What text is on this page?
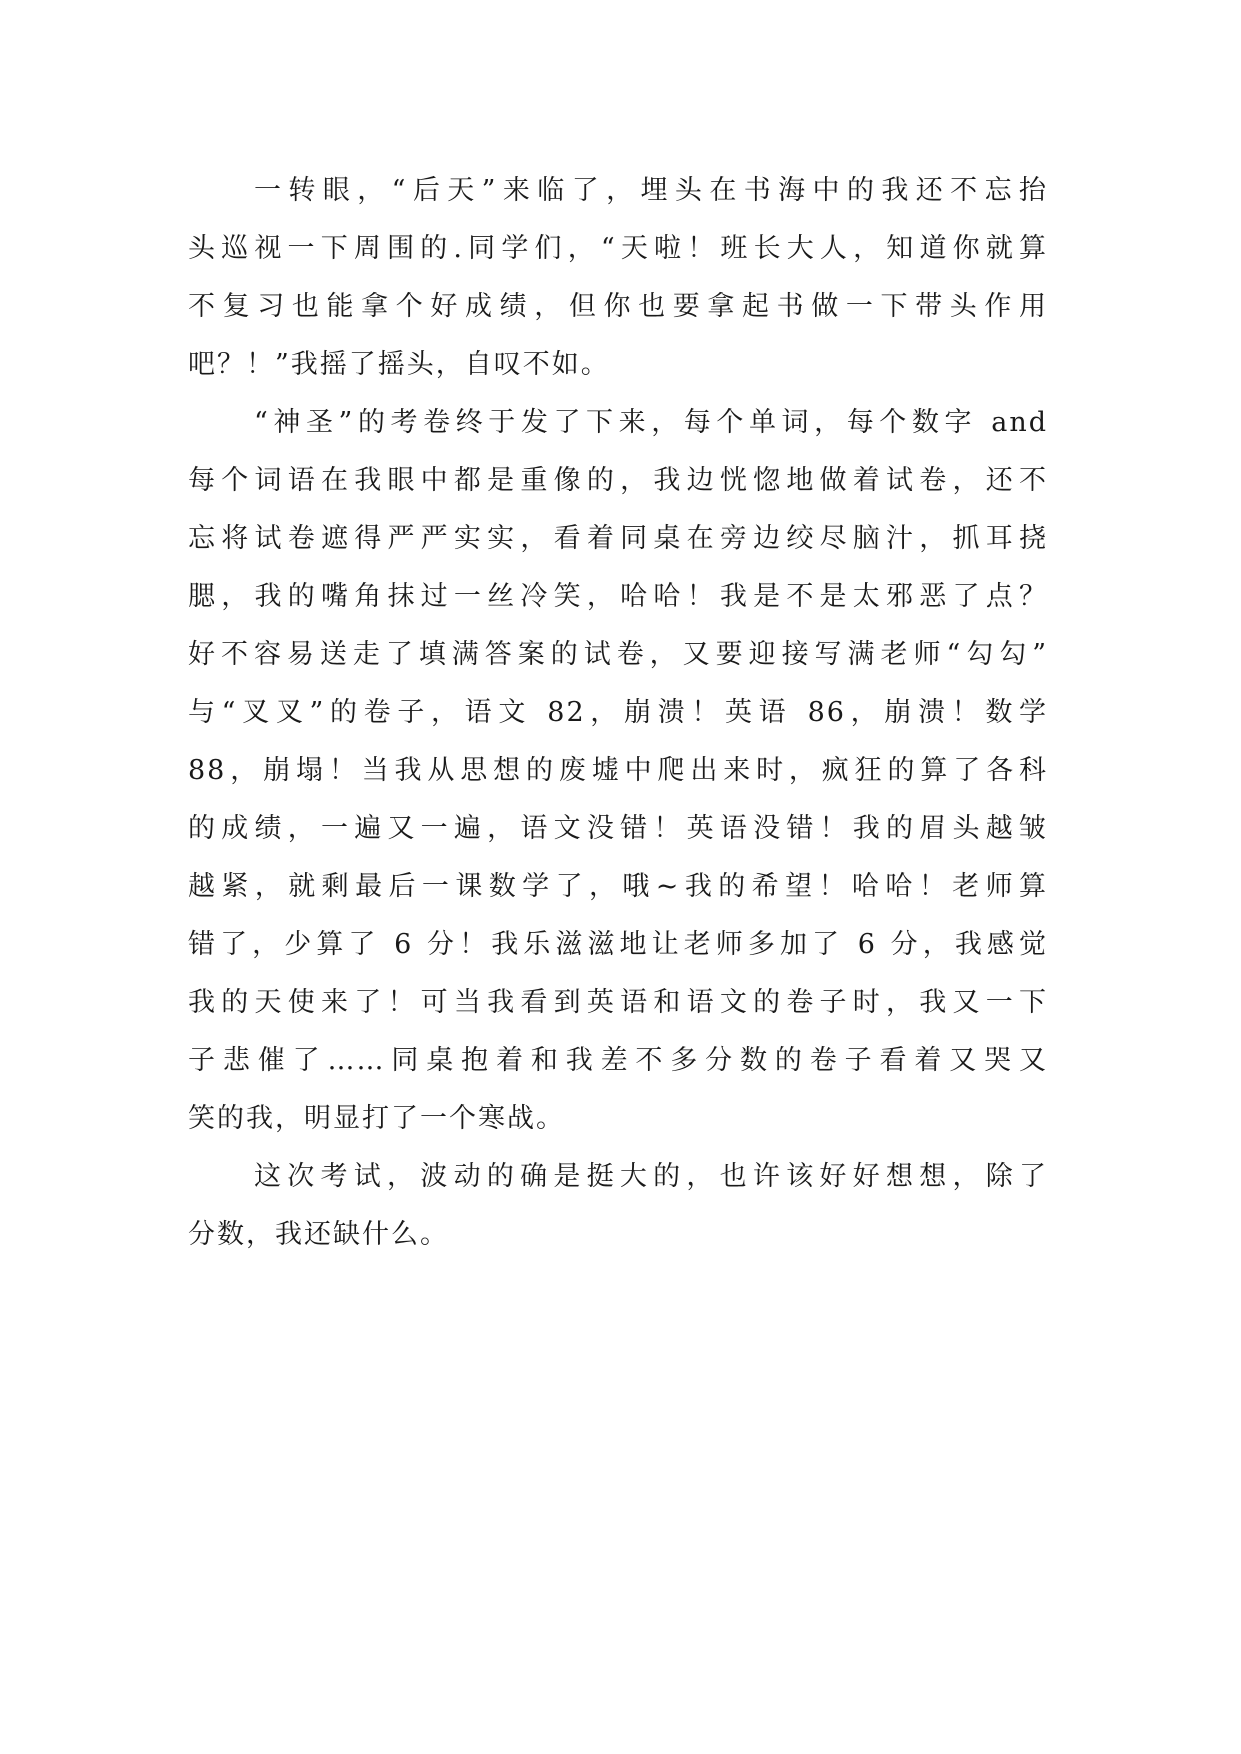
一转眼，“后天”来临了，埋头在书海中的我还不忘抬
头巡视一下周围的.同学们，“天啦！班长大人，知道你就算
不复习也能拿个好成绩，但你也要拿起书做一下带头作用
吧？！”我摇了摇头，自叹不如。
“神圣”的考卷终于发了下来，每个单词，每个数字 and
每个词语在我眼中都是重像的，我边恍惚地做着试卷，还不
忘将试卷遮得严严实实，看着同桌在旁边绞尽脑汁，抓耳挠
腮，我的嘴角抹过一丝冷笑，哈哈！我是不是太邪恶了点？
好不容易送走了填满答案的试卷，又要迎接写满老师“勾勾”
与“叉叉”的卷子，语文 82，崩溃！英语 86，崩溃！数学
88，崩塌！当我从思想的废墟中爬出来时，疯狂的算了各科
的成绩，一遍又一遍，语文没错！英语没错！我的眉头越皱
越紧，就剩最后一课数学了，哦~我的希望！哈哈！老师算
错了，少算了 6 分！我乐滋滋地让老师多加了 6 分，我感觉
我的天使来了！可当我看到英语和语文的卷子时，我又一下
子悲催了……同桌抱着和我差不多分数的卷子看着又哭又
笑的我，明显打了一个寒战。
这次考试，波动的确是挺大的，也许该好好想想，除了
分数，我还缺什么。
